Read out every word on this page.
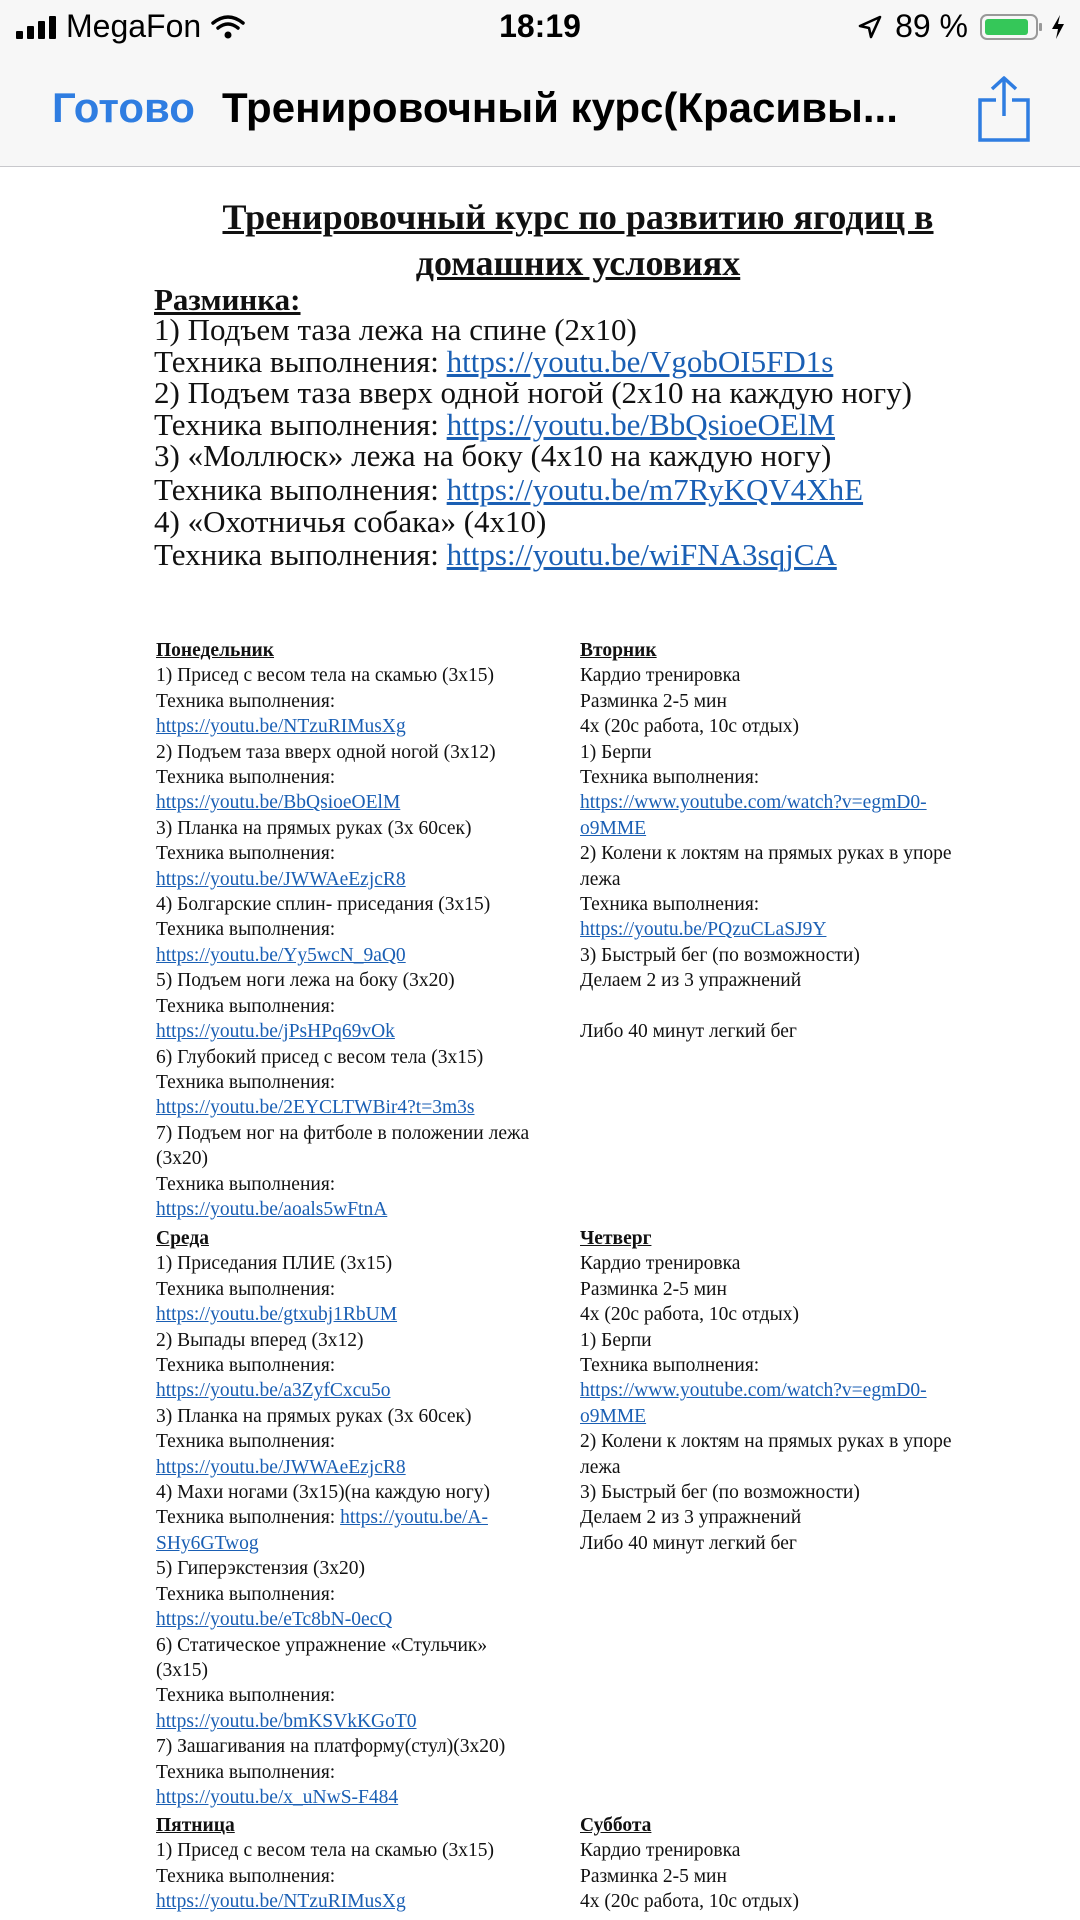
MegaFon	18:19	89 %
Готово Тренировочный курс(Красивы...
Тренировочный курс по развитию ягодиц в
домашних условиях
Разминка:
1) Подъем таза лежа на спине (2х10)
Техника выполнения: https://youtu.be/VgobOI5FD1s
2) Подъем таза вверх одной ногой (2х10 на каждую ногу)
Техника выполнения: https://youtu.be/BbQsioeOElM
3) «Моллюск» лежа на боку (4х10 на каждую ногу)
Техника выполнения: https://youtu.be/m7RyKQV4XhE
4) «Охотничья собака» (4х10)
Техника выполнения: https://youtu.be/wiFNA3sqjCA
Понедельник
1) Присед с весом тела на скамью (3х15)
Техника выполнения:
https://youtu.be/NTzuRIMusXg
2) Подъем таза вверх одной ногой (3х12)
Техника выполнения:
https://youtu.be/BbQsioeOElM
3) Планка на прямых руках (3х 60сек)
Техника выполнения:
https://youtu.be/JWWAeEzjcR8
4) Болгарские сплин- приседания (3х15)
Техника выполнения:
https://youtu.be/Yy5wcN_9aQ0
5) Подъем ноги лежа на боку (3х20)
Техника выполнения:
https://youtu.be/jPsHPq69vOk
6) Глубокий присед с весом тела (3х15)
Техника выполнения:
https://youtu.be/2EYCLTWBir4?t=3m3s
7) Подъем ног на фитболе в положении лежа
(3х20)
Техника выполнения:
https://youtu.be/aoals5wFtnA
Вторник
Кардио тренировка
Разминка 2-5 мин
4х (20с работа, 10с отдых)
1) Берпи
Техника выполнения:
https://www.youtube.com/watch?v=egmD0-
o9MME
2) Колени к локтям на прямых руках в упоре
лежа
Техника выполнения:
https://youtu.be/PQzuCLaSJ9Y
3) Быстрый бег (по возможности)
Делаем 2 из 3 упражнений

Либо 40 минут легкий бег
Среда
1) Приседания ПЛИЕ (3х15)
Техника выполнения:
https://youtu.be/gtxubj1RbUM
2) Выпады вперед (3х12)
Техника выполнения:
https://youtu.be/a3ZyfCxcu5o
3) Планка на прямых руках (3х 60сек)
Техника выполнения:
https://youtu.be/JWWAeEzjcR8
4) Махи ногами (3х15)(на каждую ногу)
Техника выполнения: https://youtu.be/A-
SHy6GTwog
5) Гиперэкстензия (3х20)
Техника выполнения:
https://youtu.be/eTc8bN-0ecQ
6) Статическое упражнение «Стульчик»
(3х15)
Техника выполнения:
https://youtu.be/bmKSVkKGoT0
7) Зашагивания на платформу(стул)(3х20)
Техника выполнения:
https://youtu.be/x_uNwS-F484
Четверг
Кардио тренировка
Разминка 2-5 мин
4х (20с работа, 10с отдых)
1) Берпи
Техника выполнения:
https://www.youtube.com/watch?v=egmD0-
o9MME
2) Колени к локтям на прямых руках в упоре
лежа
3) Быстрый бег (по возможности)
Делаем 2 из 3 упражнений
Либо 40 минут легкий бег
Пятница
1) Присед с весом тела на скамью (3х15)
Техника выполнения:
https://youtu.be/NTzuRIMusXg
Суббота
Кардио тренировка
Разминка 2-5 мин
4х (20с работа, 10с отдых)
